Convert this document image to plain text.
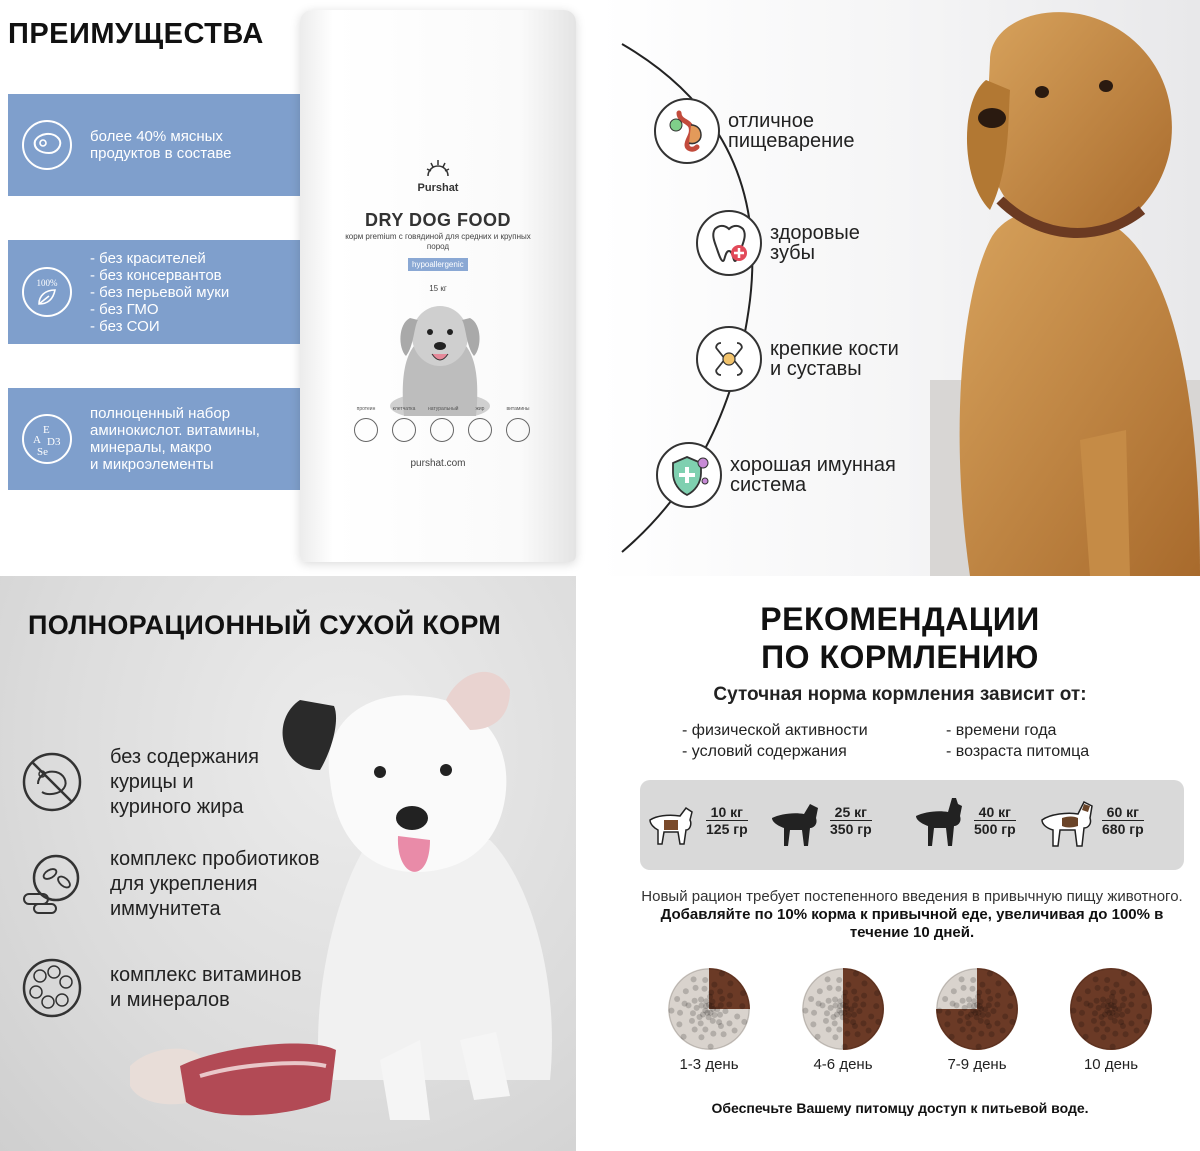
ПРЕИМУЩЕСТВА
более 40% мясных
продуктов в составе
100%
- без красителей
- без консервантов
- без перьевой муки
- без ГМО
- без СОИ
E
A D3
Se
полноценный набор
аминокислот. витамины,
минералы, макро
и микроэлементы
Purshat
DRY DOG FOOD
корм premium с говядиной для средних и крупных пород
hypoallergenic
15 кг
протеин	клетчатка	натуральный	жир	витамины
purshat.com
отличное
пищеварение
здоровые
зубы
крепкие кости
и суставы
хорошая имунная
система
ПОЛНОРАЦИОННЫЙ СУХОЙ КОРМ
без содержания
курицы и
куриного жира
комплекс пробиотиков
для укрепления
иммунитета
комплекс витаминов
и минералов
РЕКОМЕНДАЦИИ
ПО КОРМЛЕНИЮ
Суточная норма кормления зависит от:
- физической активности
- условий содержания
- времени года
- возраста питомца
10 кг
125 гр
25 кг
350 гр
40 кг
500 гр
60 кг
680 гр
Новый рацион требует постепенного введения в привычную пищу животного. Добавляйте по 10% корма к привычной еде, увеличивая до 100% в течение 10 дней.
1-3 день	4-6 день	7-9 день	10 день
Обеспечьте Вашему питомцу доступ к питьевой воде.
